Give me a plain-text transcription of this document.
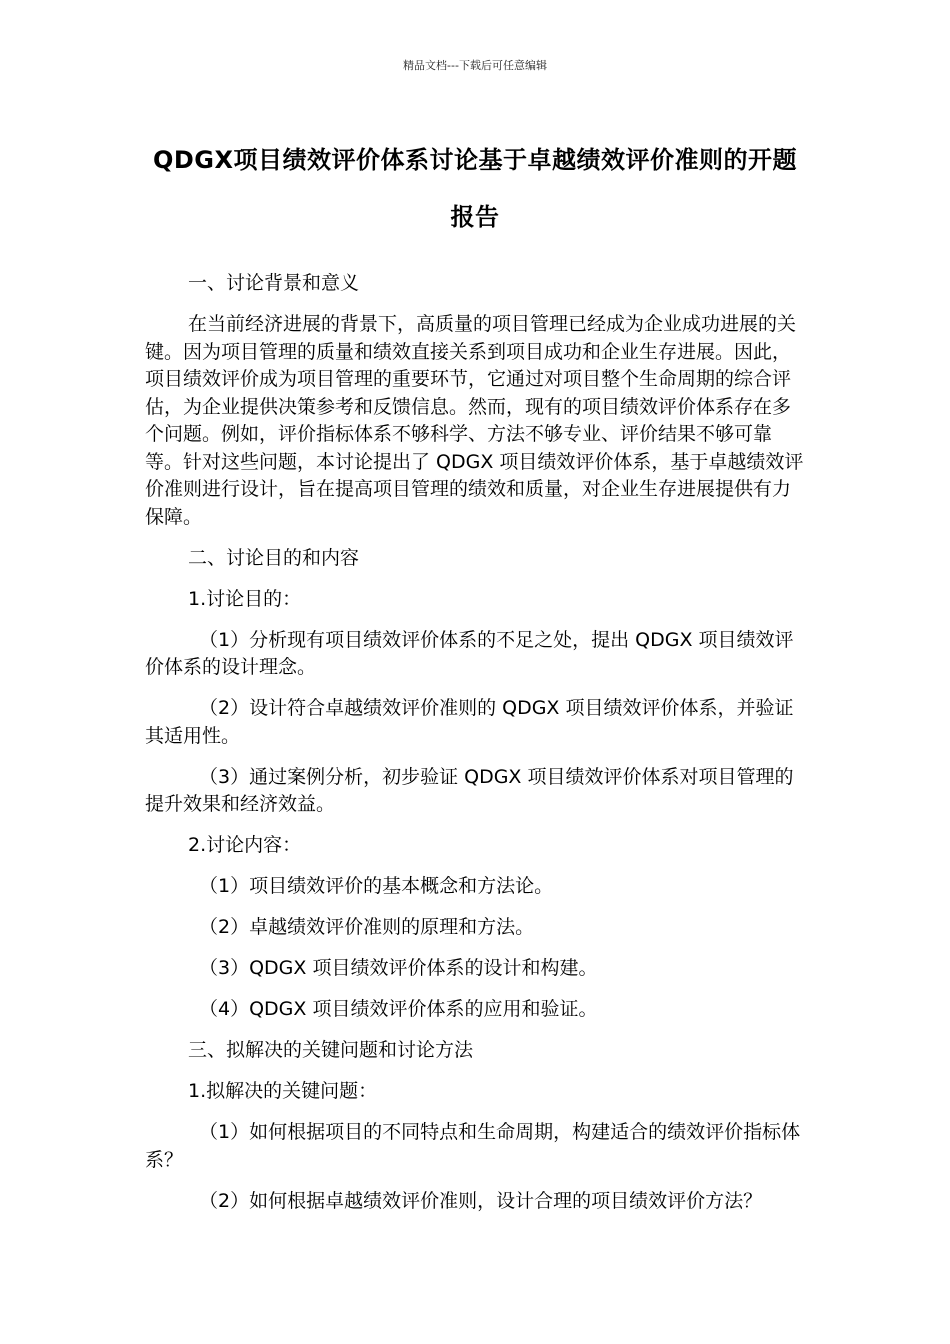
精品文档---下载后可任意编辑
QDGX项目绩效评价体系讨论基于卓越绩效评价准则的开题报告

一、讨论背景和意义

在当前经济进展的背景下，高质量的项目管理已经成为企业成功进展的关键。因为项目管理的质量和绩效直接关系到项目成功和企业生存进展。因此，项目绩效评价成为项目管理的重要环节，它通过对项目整个生命周期的综合评估，为企业提供决策参考和反馈信息。然而，现有的项目绩效评价体系存在多个问题。例如，评价指标体系不够科学、方法不够专业、评价结果不够可靠等。针对这些问题，本讨论提出了 QDGX 项目绩效评价体系，基于卓越绩效评价准则进行设计，旨在提高项目管理的绩效和质量，对企业生存进展提供有力保障。

二、讨论目的和内容

1.讨论目的：

（1）分析现有项目绩效评价体系的不足之处，提出 QDGX 项目绩效评价体系的设计理念。

（2）设计符合卓越绩效评价准则的 QDGX 项目绩效评价体系，并验证其适用性。

（3）通过案例分析，初步验证 QDGX 项目绩效评价体系对项目管理的提升效果和经济效益。

2.讨论内容：

（1）项目绩效评价的基本概念和方法论。

（2）卓越绩效评价准则的原理和方法。

（3）QDGX 项目绩效评价体系的设计和构建。

（4）QDGX 项目绩效评价体系的应用和验证。

三、拟解决的关键问题和讨论方法

1.拟解决的关键问题：

（1）如何根据项目的不同特点和生命周期，构建适合的绩效评价指标体系？

（2）如何根据卓越绩效评价准则，设计合理的项目绩效评价方法？
